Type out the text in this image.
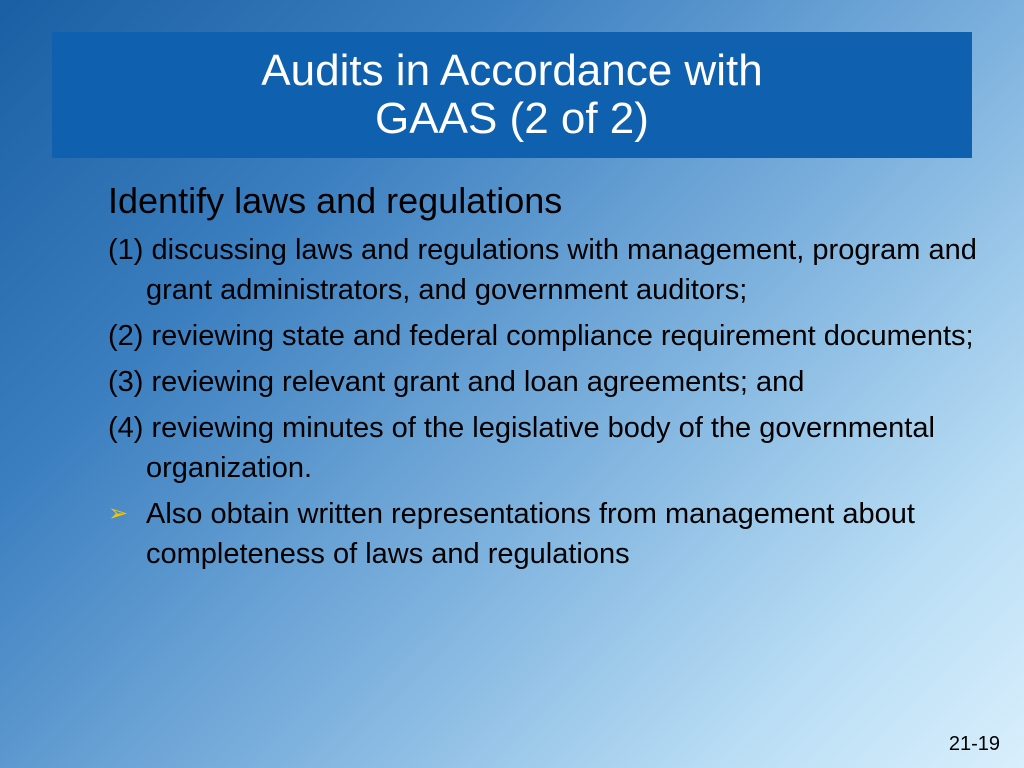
Audits in Accordance with
GAAS (2 of 2)

Identify laws and regulations

(1) discussing laws and regulations with management, program and grant administrators, and government auditors;

(2) reviewing state and federal compliance requirement documents;

(3) reviewing relevant grant and loan agreements; and

(4) reviewing minutes of the legislative body of the governmental organization.

➢ Also obtain written representations from management about completeness of laws and regulations

21-19
